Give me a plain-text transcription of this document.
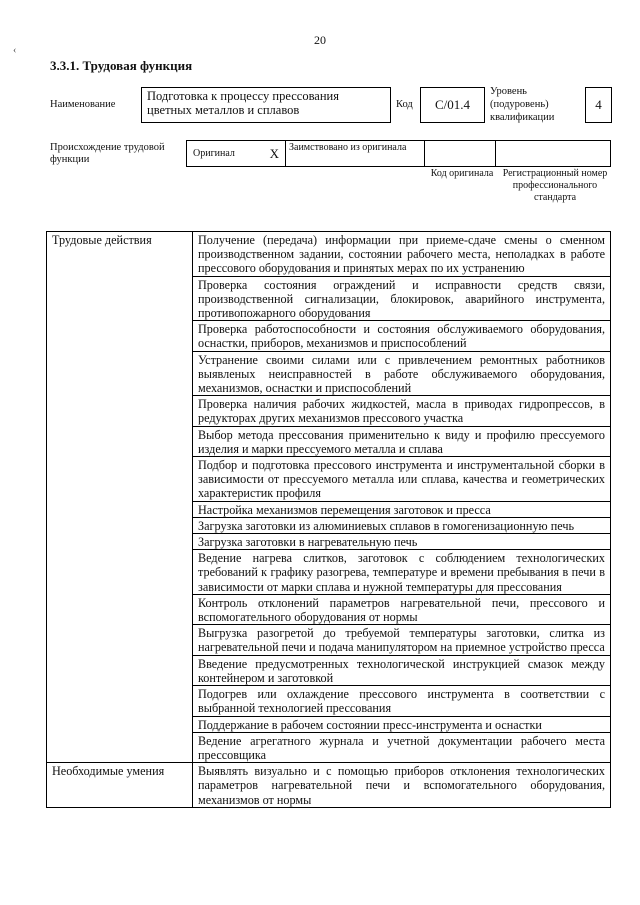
‹
20
3.3.1. Трудовая функция
Наименование
Подготовка к процессу прессования цветных металлов и сплавов	Код	С/01.4
Уровень (подуровень) квалификации
4
Происхождение трудовой функции
Оригинал	X	Заимствовано из оригинала
Код оригинала Регистрационный номер профессионального стандарта
Трудовые действия	Получение (передача) информации при приеме-сдаче смены о сменном производственном задании, состоянии рабочего места, неполадках в работе прессового оборудования и принятых мерах по их устранению
	Проверка состояния ограждений и исправности средств связи, производственной сигнализации, блокировок, аварийного инструмента, противопожарного оборудования
	Проверка работоспособности и состояния обслуживаемого оборудования, оснастки, приборов, механизмов и приспособлений
	Устранение своими силами или с привлечением ремонтных работников выявленых неисправностей в работе обслуживаемого оборудования, механизмов, оснастки и приспособлений
	Проверка наличия рабочих жидкостей, масла в приводах гидропрессов, в редукторах других механизмов прессового участка
	Выбор метода прессования применительно к виду и профилю прессуемого изделия и марки прессуемого металла и сплава
	Подбор и подготовка прессового инструмента и инструментальной сборки в зависимости от прессуемого металла или сплава, качества и геометрических характеристик профиля
	Настройка механизмов перемещения заготовок и пресса
	Загрузка заготовки из алюминиевых сплавов в гомогенизационную печь
	Загрузка заготовки в нагревательную печь
	Ведение нагрева слитков, заготовок с соблюдением технологических требований к графику разогрева, температуре и времени пребывания в печи в зависимости от марки сплава и нужной температуры для прессования
	Контроль отклонений параметров нагревательной печи, прессового и вспомогательного оборудования от нормы
	Выгрузка разогретой до требуемой температуры заготовки, слитка из нагревательной печи и подача манипулятором на приемное устройство пресса
	Введение предусмотренных технологической инструкцией смазок между контейнером и заготовкой
	Подогрев или охлаждение прессового инструмента в соответствии с выбранной технологией прессования
	Поддержание в рабочем состоянии пресс-инструмента и оснастки
	Ведение агрегатного журнала и учетной документации рабочего места прессовщика
Необходимые умения	Выявлять визуально и с помощью приборов отклонения технологических параметров нагревательной печи и вспомогательного оборудования, механизмов от нормы
